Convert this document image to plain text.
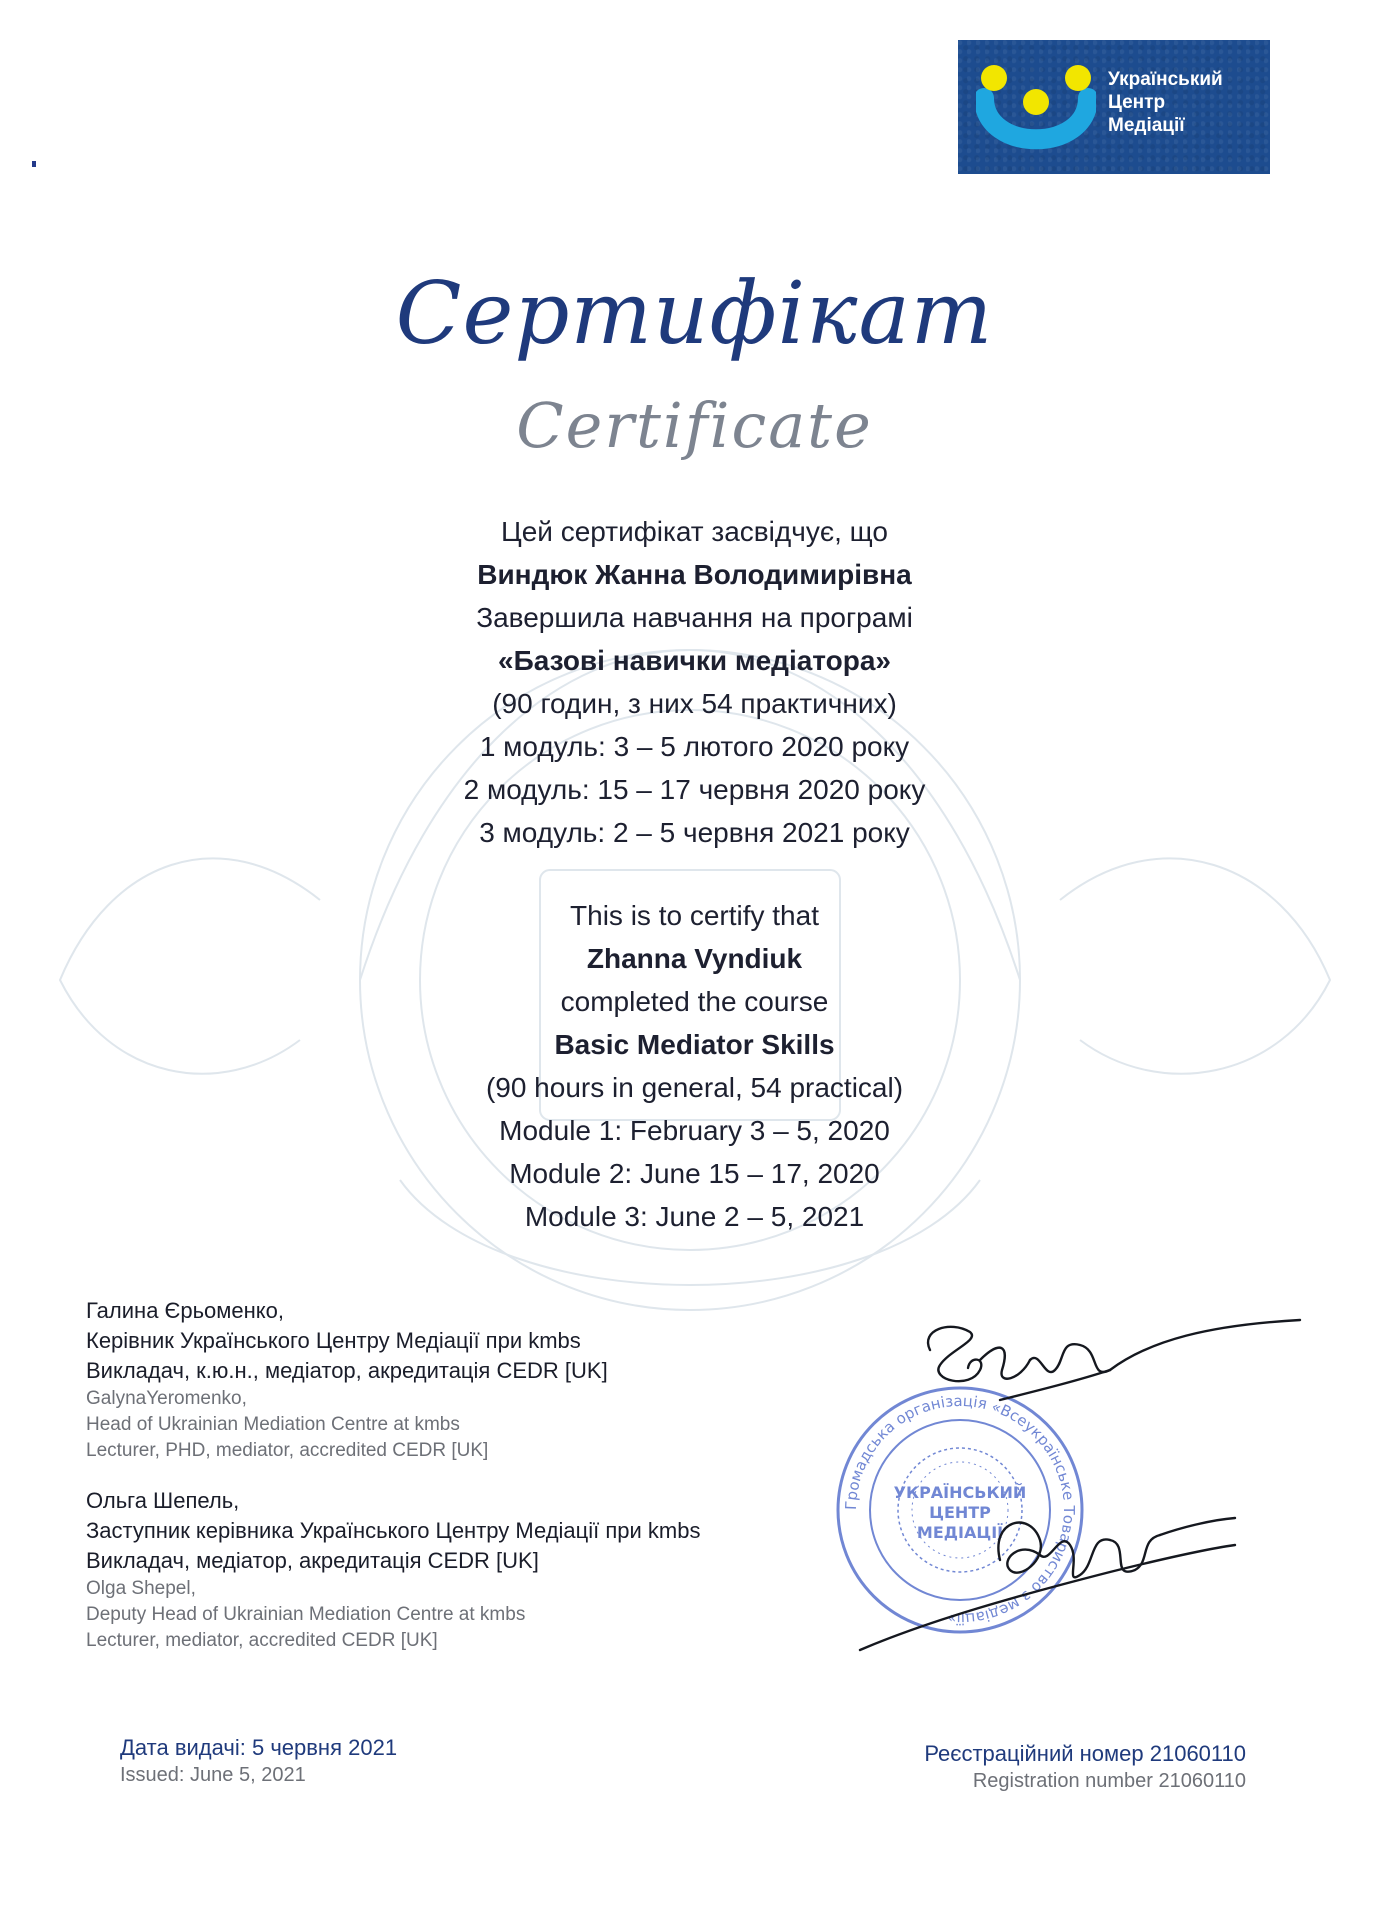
Український
Центр
Медіації
Сертифікат
Certificate
Цей сертифікат засвідчує, що
Виндюк Жанна Володимирівна
Завершила навчання на програмі
«Базові навички медіатора»
(90 годин, з них 54 практичних)
1 модуль: 3 – 5 лютого 2020 року
2 модуль: 15 – 17 червня 2020 року
3 модуль: 2 – 5 червня 2021 року
This is to certify that
Zhanna Vyndiuk
completed the course
Basic Mediator Skills
(90 hours in general, 54 practical)
Module 1: February 3 – 5, 2020
Module 2: June 15 – 17, 2020
Module 3: June 2 – 5, 2021
Галина Єрьоменко,
Керівник Українського Центру Медіації при kmbs
Викладач, к.ю.н., медіатор, акредитація CEDR [UK]
GalynaYeromenko,
Head of Ukrainian Mediation Centre at kmbs
Lecturer, PHD, mediator, accredited CEDR [UK]
Ольга Шепель,
Заступник керівника Українського Центру Медіації при kmbs
Викладач, медіатор, акредитація CEDR [UK]
Olga Shepel,
Deputy Head of Ukrainian Mediation Centre at kmbs
Lecturer, mediator, accredited CEDR [UK]
Громадська організація «Всеукраїнське Товариство з медіації»
УКРАЇНСЬКИЙ
ЦЕНТР
МЕДІАЦІЇ
Дата видачі: 5 червня 2021
Issued: June 5, 2021
Реєстраційний номер 21060110
Registration number 21060110
